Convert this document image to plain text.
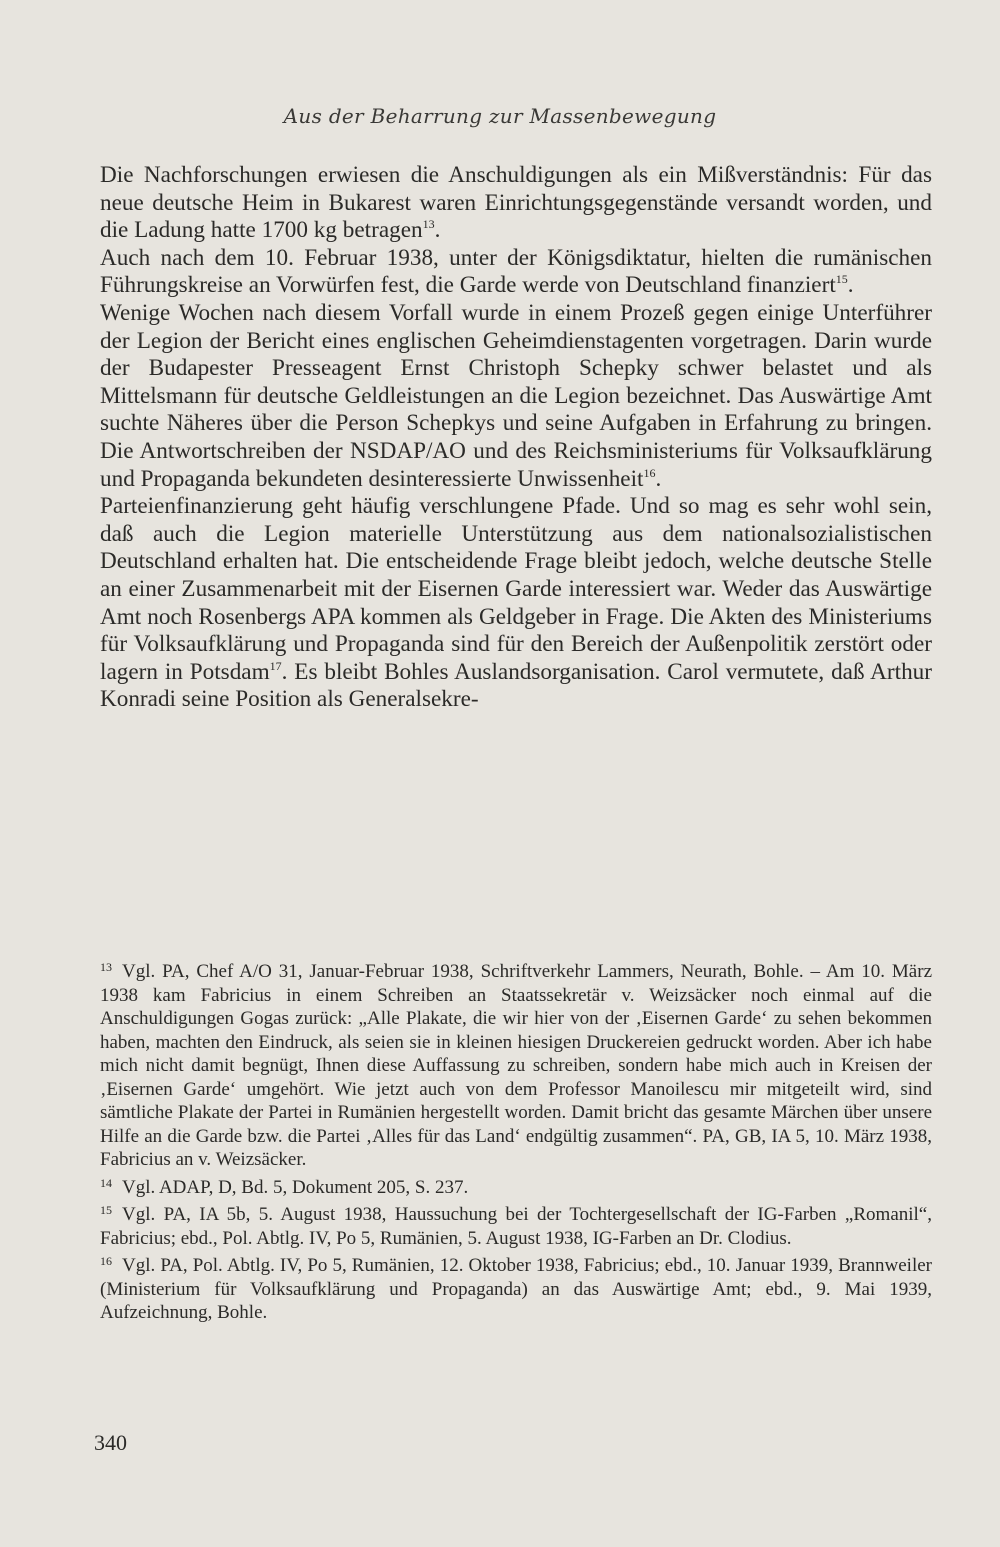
Aus der Beharrung zur Massenbewegung

Die Nachforschungen erwiesen die Anschuldigungen als ein Mißverständnis: Für das neue deutsche Heim in Bukarest waren Einrichtungsgegenstände versandt worden, und die Ladung hatte 1700 kg betragen$^{13}$.

Auch nach dem 10. Februar 1938, unter der Königsdiktatur, hielten die rumänischen Führungskreise an Vorwürfen fest, die Garde werde von Deutschland finanziert$^{15}$.

Wenige Wochen nach diesem Vorfall wurde in einem Prozeß gegen einige Unterführer der Legion der Bericht eines englischen Geheimdienstagenten vorgetragen. Darin wurde der Budapester Presseagent Ernst Christoph Schepky schwer belastet und als Mittelsmann für deutsche Geldleistungen an die Legion bezeichnet. Das Auswärtige Amt suchte Näheres über die Person Schepkys und seine Aufgaben in Erfahrung zu bringen. Die Antwortschreiben der NSDAP/AO und des Reichsministeriums für Volksaufklärung und Propaganda bekundeten desinteressierte Unwissenheit$^{16}$.

Parteienfinanzierung geht häufig verschlungene Pfade. Und so mag es sehr wohl sein, daß auch die Legion materielle Unterstützung aus dem nationalsozialistischen Deutschland erhalten hat. Die entscheidende Frage bleibt jedoch, welche deutsche Stelle an einer Zusammenarbeit mit der Eisernen Garde interessiert war. Weder das Auswärtige Amt noch Rosenbergs APA kommen als Geldgeber in Frage. Die Akten des Ministeriums für Volksaufklärung und Propaganda sind für den Bereich der Außenpolitik zerstört oder lagern in Potsdam$^{17}$. Es bleibt Bohles Auslandsorganisation. Carol vermutete, daß Arthur Konradi seine Position als Generalsekre-

$^{13}$ Vgl. PA, Chef A/O 31, Januar-Februar 1938, Schriftverkehr Lammers, Neurath, Bohle. – Am 10. März 1938 kam Fabricius in einem Schreiben an Staatssekretär v. Weizsäcker noch einmal auf die Anschuldigungen Gogas zurück: „Alle Plakate, die wir hier von der ‚Eisernen Garde‘ zu sehen bekommen haben, machten den Eindruck, als seien sie in kleinen hiesigen Druckereien gedruckt worden. Aber ich habe mich nicht damit begnügt, Ihnen diese Auffassung zu schreiben, sondern habe mich auch in Kreisen der ‚Eisernen Garde‘ umgehört. Wie jetzt auch von dem Professor Manoilescu mir mitgeteilt wird, sind sämtliche Plakate der Partei in Rumänien hergestellt worden. Damit bricht das gesamte Märchen über unsere Hilfe an die Garde bzw. die Partei ‚Alles für das Land‘ endgültig zusammen“. PA, GB, IA 5, 10. März 1938, Fabricius an v. Weizsäcker.

$^{14}$ Vgl. ADAP, D, Bd. 5, Dokument 205, S. 237.

$^{15}$ Vgl. PA, IA 5b, 5. August 1938, Haussuchung bei der Tochtergesellschaft der IG-Farben „Romanil“, Fabricius; ebd., Pol. Abtlg. IV, Po 5, Rumänien, 5. August 1938, IG-Farben an Dr. Clodius.

$^{16}$ Vgl. PA, Pol. Abtlg. IV, Po 5, Rumänien, 12. Oktober 1938, Fabricius; ebd., 10. Januar 1939, Brannweiler (Ministerium für Volksaufklärung und Propaganda) an das Auswärtige Amt; ebd., 9. Mai 1939, Aufzeichnung, Bohle.

340
